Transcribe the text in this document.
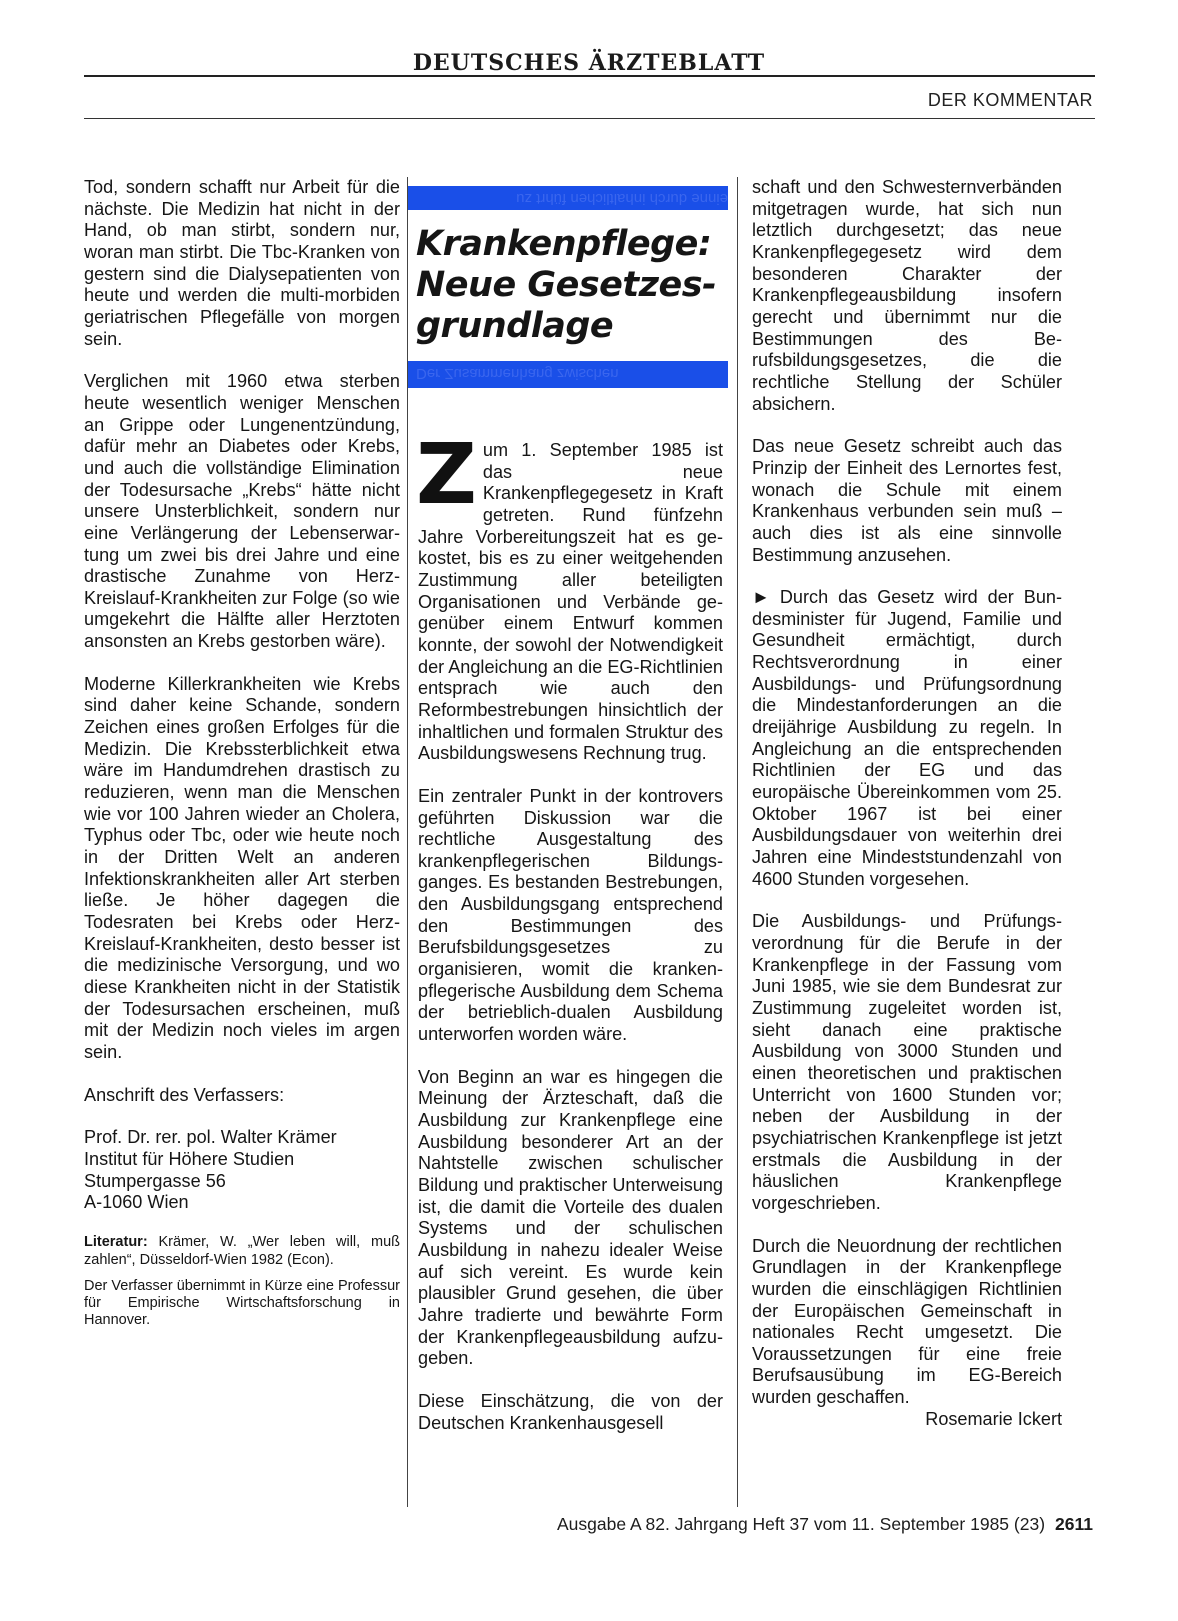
DEUTSCHES ÄRZTEBLATT
DER KOMMENTAR

Tod, sondern schafft nur Arbeit für die nächste. Die Medizin hat nicht in der Hand, ob man stirbt, sondern nur, woran man stirbt. Die Tbc-Kranken von gestern sind die Dialysepatienten von heute und werden die multi-morbiden geriatrischen Pflegefälle von morgen sein.

Verglichen mit 1960 etwa sterben heute wesentlich weniger Menschen an Grippe oder Lungenentzündung, dafür mehr an Diabetes oder Krebs, und auch die vollständige Elimination der Todesursache „Krebs“ hätte nicht unsere Unsterblichkeit, sondern nur eine Verlängerung der Lebenserwartung um zwei bis drei Jahre und eine drastische Zunahme von Herz-Kreislauf-Krankheiten zur Folge (so wie umgekehrt die Hälfte aller Herztoten ansonsten an Krebs gestorben wäre).

Moderne Killerkrankheiten wie Krebs sind daher keine Schande, sondern Zeichen eines großen Erfolges für die Medizin. Die Krebssterblichkeit etwa wäre im Handumdrehen drastisch zu reduzieren, wenn man die Menschen wie vor 100 Jahren wieder an Cholera, Typhus oder Tbc, oder wie heute noch in der Dritten Welt an anderen Infektionskrankheiten aller Art sterben ließe. Je höher dagegen die Todesraten bei Krebs oder Herz-Kreislauf-Krankheiten, desto besser ist die medizinische Versorgung, und wo diese Krankheiten nicht in der Statistik der Todesursachen erscheinen, muß mit der Medizin noch vieles im argen sein.

Anschrift des Verfassers:

Prof. Dr. rer. pol. Walter Krämer

Institut für Höhere Studien

Stumpergasse 56

A-1060 Wien

Literatur: Krämer, W. „Wer leben will, muß zahlen“, Düsseldorf-Wien 1982 (Econ).

Der Verfasser übernimmt in Kürze eine Professur für Empirische Wirtschaftsforschung in Hannover.

einne durch inhaltlichen führt zu
Krankenpflege:
Neue Gesetzes-
grundlage
Der Zusammenhang zwischen

Zum 1. September 1985 ist das neue Krankenpflegegesetz in Kraft getreten. Rund fünfzehn Jahre Vorbereitungszeit hat es gekostet, bis es zu einer weitgehenden Zustimmung aller beteiligten Organisationen und Verbände gegenüber einem Entwurf kommen konnte, der sowohl der Notwendigkeit der Angleichung an die EG-Richtlinien entsprach wie auch den Reformbestrebungen hinsichtlich der inhaltlichen und formalen Struktur des Ausbildungswesens Rechnung trug.

Ein zentraler Punkt in der kontrovers geführten Diskussion war die rechtliche Ausgestaltung des krankenpflegerischen Bildungsganges. Es bestanden Bestrebungen, den Ausbildungsgang entsprechend den Bestimmungen des Berufsbildungsgesetzes zu organisieren, womit die krankenpflegerische Ausbildung dem Schema der betrieblich-dualen Ausbildung unterworfen worden wäre.

Von Beginn an war es hingegen die Meinung der Ärzteschaft, daß die Ausbildung zur Krankenpflege eine Ausbildung besonderer Art an der Nahtstelle zwischen schulischer Bildung und praktischer Unterweisung ist, die damit die Vorteile des dualen Systems und der schulischen Ausbildung in nahezu idealer Weise auf sich vereint. Es wurde kein plausibler Grund gesehen, die über Jahre tradierte und bewährte Form der Krankenpflegeausbildung aufzugeben.

Diese Einschätzung, die von der Deutschen Krankenhausgesell

schaft und den Schwesternverbänden mitgetragen wurde, hat sich nun letztlich durchgesetzt; das neue Krankenpflegegesetz wird dem besonderen Charakter der Krankenpflegeausbildung insofern gerecht und übernimmt nur die Bestimmungen des Berufsbildungsgesetzes, die die rechtliche Stellung der Schüler absichern.

Das neue Gesetz schreibt auch das Prinzip der Einheit des Lernortes fest, wonach die Schule mit einem Krankenhaus verbunden sein muß – auch dies ist als eine sinnvolle Bestimmung anzusehen.

► Durch das Gesetz wird der Bundesminister für Jugend, Familie und Gesundheit ermächtigt, durch Rechtsverordnung in einer Ausbildungs- und Prüfungsordnung die Mindestanforderungen an die dreijährige Ausbildung zu regeln. In Angleichung an die entsprechenden Richtlinien der EG und das europäische Übereinkommen vom 25. Oktober 1967 ist bei einer Ausbildungsdauer von weiterhin drei Jahren eine Mindeststundenzahl von 4600 Stunden vorgesehen.

Die Ausbildungs- und Prüfungsverordnung für die Berufe in der Krankenpflege in der Fassung vom Juni 1985, wie sie dem Bundesrat zur Zustimmung zugeleitet worden ist, sieht danach eine praktische Ausbildung von 3000 Stunden und einen theoretischen und praktischen Unterricht von 1600 Stunden vor; neben der Ausbildung in der psychiatrischen Krankenpflege ist jetzt erstmals die Ausbildung in der häuslichen Krankenpflege vorgeschrieben.

Durch die Neuordnung der rechtlichen Grundlagen in der Krankenpflege wurden die einschlägigen Richtlinien der Europäischen Gemeinschaft in nationales Recht umgesetzt. Die Voraussetzungen für eine freie Berufsausübung im EG-Bereich wurden geschaffen.

Rosemarie Ickert

Ausgabe A 82. Jahrgang Heft 37 vom 11. September 1985 (23) 2611
